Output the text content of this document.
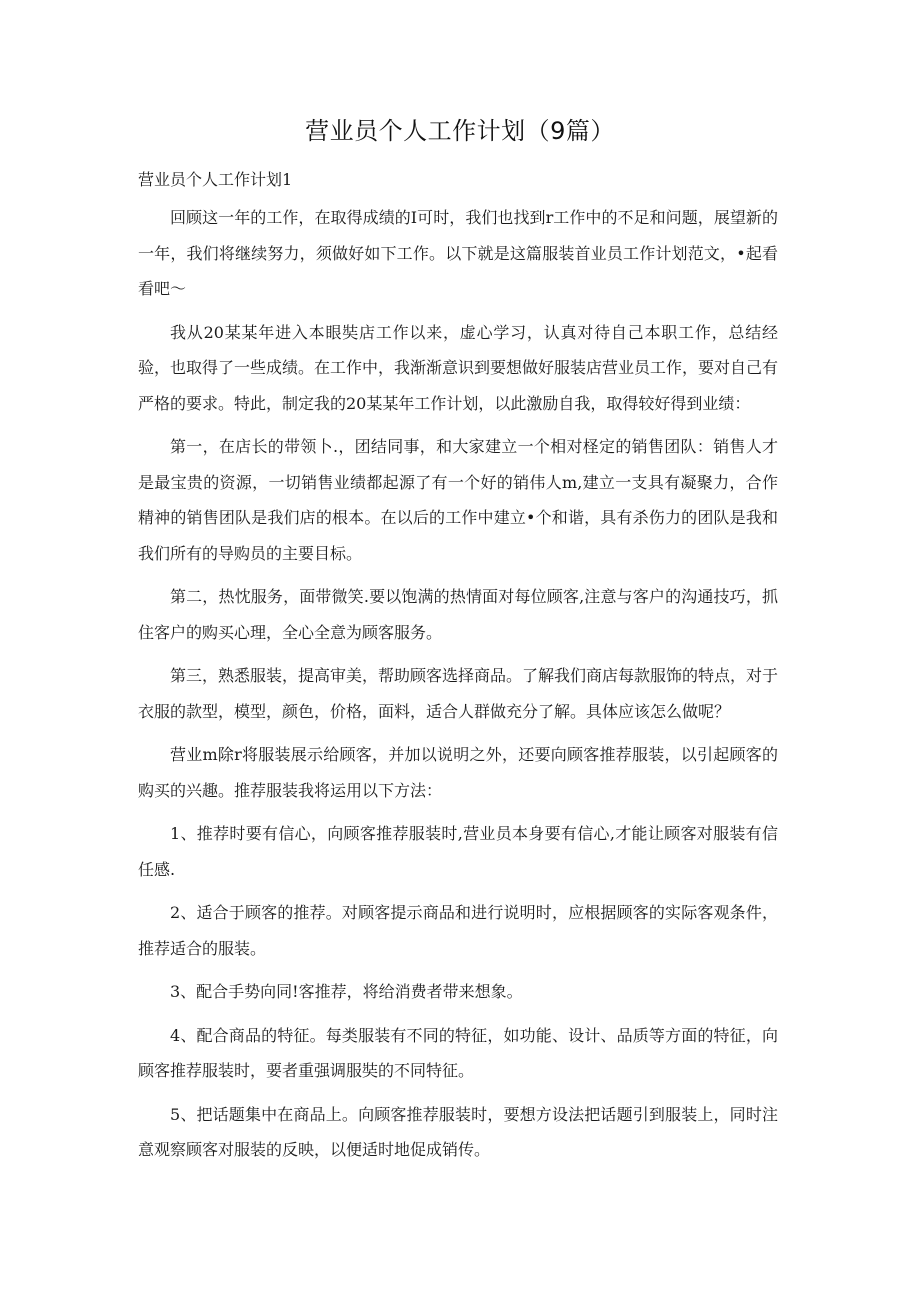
营业员个人工作计划（9篇）
营业员个人工作计划1

回顾这一年的工作，在取得成绩的I可时，我们也找到r工作中的不足和问题，展望新的一年，我们将继续努力，须做好如下工作。以下就是这篇服装首业员工作计划范文，•起看看吧～

我从20某某年进入本眼奘店工作以来，虚心学习，认真对待自己本职工作，总结经验，也取得了一些成绩。在工作中，我渐渐意识到要想做好服装店营业员工作，要对自己有严格的要求。特此，制定我的20某某年工作计划，以此激励自我，取得较好得到业绩：

第一，在店长的带领卜.，团结同事，和大家建立一个相对柽定的销售团队：销售人才是最宝贵的资源，一切销售业绩都起源了有一个好的销伟人m,建立一支具有凝聚力，合作精神的销售团队是我们店的根本。在以后的工作中建立•个和谐，具有杀伤力的团队是我和我们所有的导购员的主要目标。

第二，热忱服务，面带微笑.要以饱满的热情面对每位顾客,注意与客户的沟通技巧，抓住客户的购买心理，全心全意为顾客服务。

第三，熟悉服装，提高审美，帮助顾客选择商品。了解我们商店每款服饰的特点，对于衣服的款型，模型，颜色，价格，面料，适合人群做充分了解。具体应该怎么做呢？

营业m除r将服装展示给顾客，并加以说明之外，还要向顾客推荐服装，以引起顾客的购买的兴趣。推荐服装我将运用以下方法：

1、推荐时要有信心，向顾客推荐服装时,营业员本身要有信心,才能让顾客对服装有信任感.

2、适合于顾客的推荐。对顾客提示商品和进行说明时，应根据顾客的实际客观条件，推荐适合的服装。

3、配合手势向同!客推荐，将给消费者带来想象。

4、配合商品的特征。每类服装有不同的特征，如功能、设计、品质等方面的特征，向顾客推荐服装时，要者重强调服奘的不同特征。

5、把话题集中在商品上。向顾客推荐服装时，要想方设法把话题引到服装上，同时注意观察顾客对服装的反映，以便适时地促成销传。
